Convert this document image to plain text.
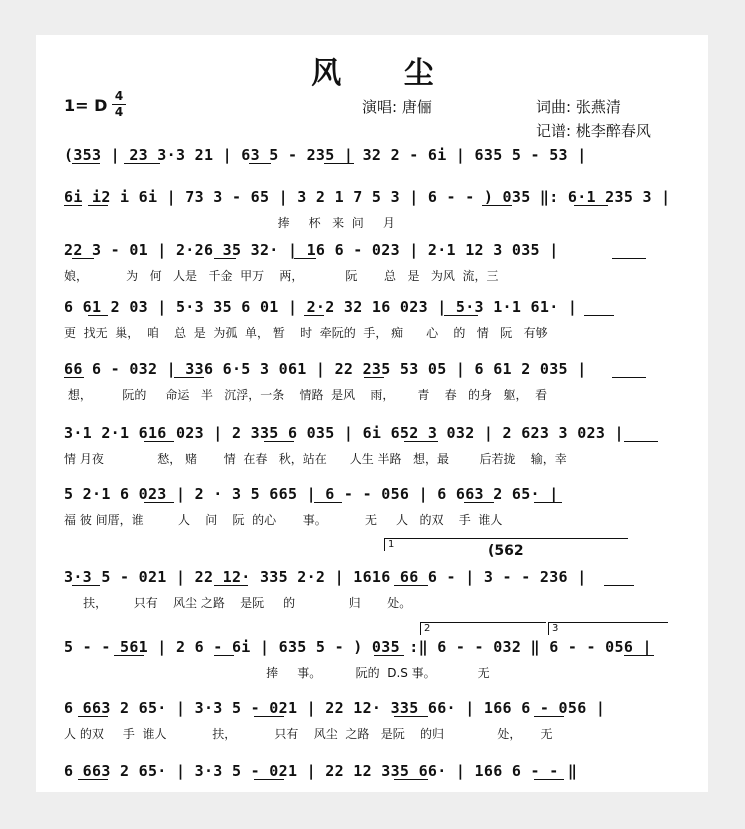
风 尘
1= D 4
4	演唱: 唐俪	词曲: 张燕清
记谱: 桃李醉春风
(353 | 23 3·3 21 | 63 5 - 235 | 32 2 - 6i | 635 5 - 53 |
6i i2 i 6i | 73 3 - 65 | 3 2 1 7 5 3 | 6 - - ) 035 ‖: 6·1 235 3 |
捧     杯   来  问     月
22 3 - 01 | 2·26 35 32· | 16 6 - 023 | 2·1 12 3 035 |
娘，          为   何   人是   千金  甲万    两，           阮       总   是   为风  流，三
6 61 2 03 | 5·3 35 6 01 | 2·2 32 16 023 | 5·3 1·1 61· |
更  找无  巢，  咱    总  是  为孤  单， 暂    时  牵阮的  手， 痴      心    的   情   阮   有够
66 6 - 032 | 336 6·5 3 061 | 22 235 53 05 | 6 61 2 035 |
想，        阮的     命运   半   沉浮，一条    情路  是风    雨，      青    春   的身   躯，  看
3·1 2·1 616 023 | 2 335 6 035 | 6i 652 3 032 | 2 623 3 023 |
情 月夜              愁， 赌       情  在春   秋，站在      人生 半路   想，最        后若拢    输，幸
5 2·1 6 023 | 2 · 3 5 665 | 6 - - 056 | 6 663 2 65· |
福 彼 间厝，谁         人    问    阮  的心       事。          无     人   的双    手  谁人
1	(562
3·3 5 - 021 | 22 12· 335 2·2 | 1616 66 6 - | 3 - - 236 |
扶，       只有    风尘 之路    是阮     的              归       处。
2	3
5 - - 561 | 2 6 - 6i | 635 5 - ) 035 :‖ 6 - - 032 ‖ 6 - - 056 |
捧     事。         阮的  D.S 事。           无
6 663 2 65· | 3·3 5 - 021 | 22 12· 335 66· | 166 6 - 056 |
人 的双     手  谁人            扶，          只有    风尘  之路   是阮    的归              处，     无
6 663 2 65· | 3·3 5 - 021 | 22 12 335 66· | 166 6 - - ‖
